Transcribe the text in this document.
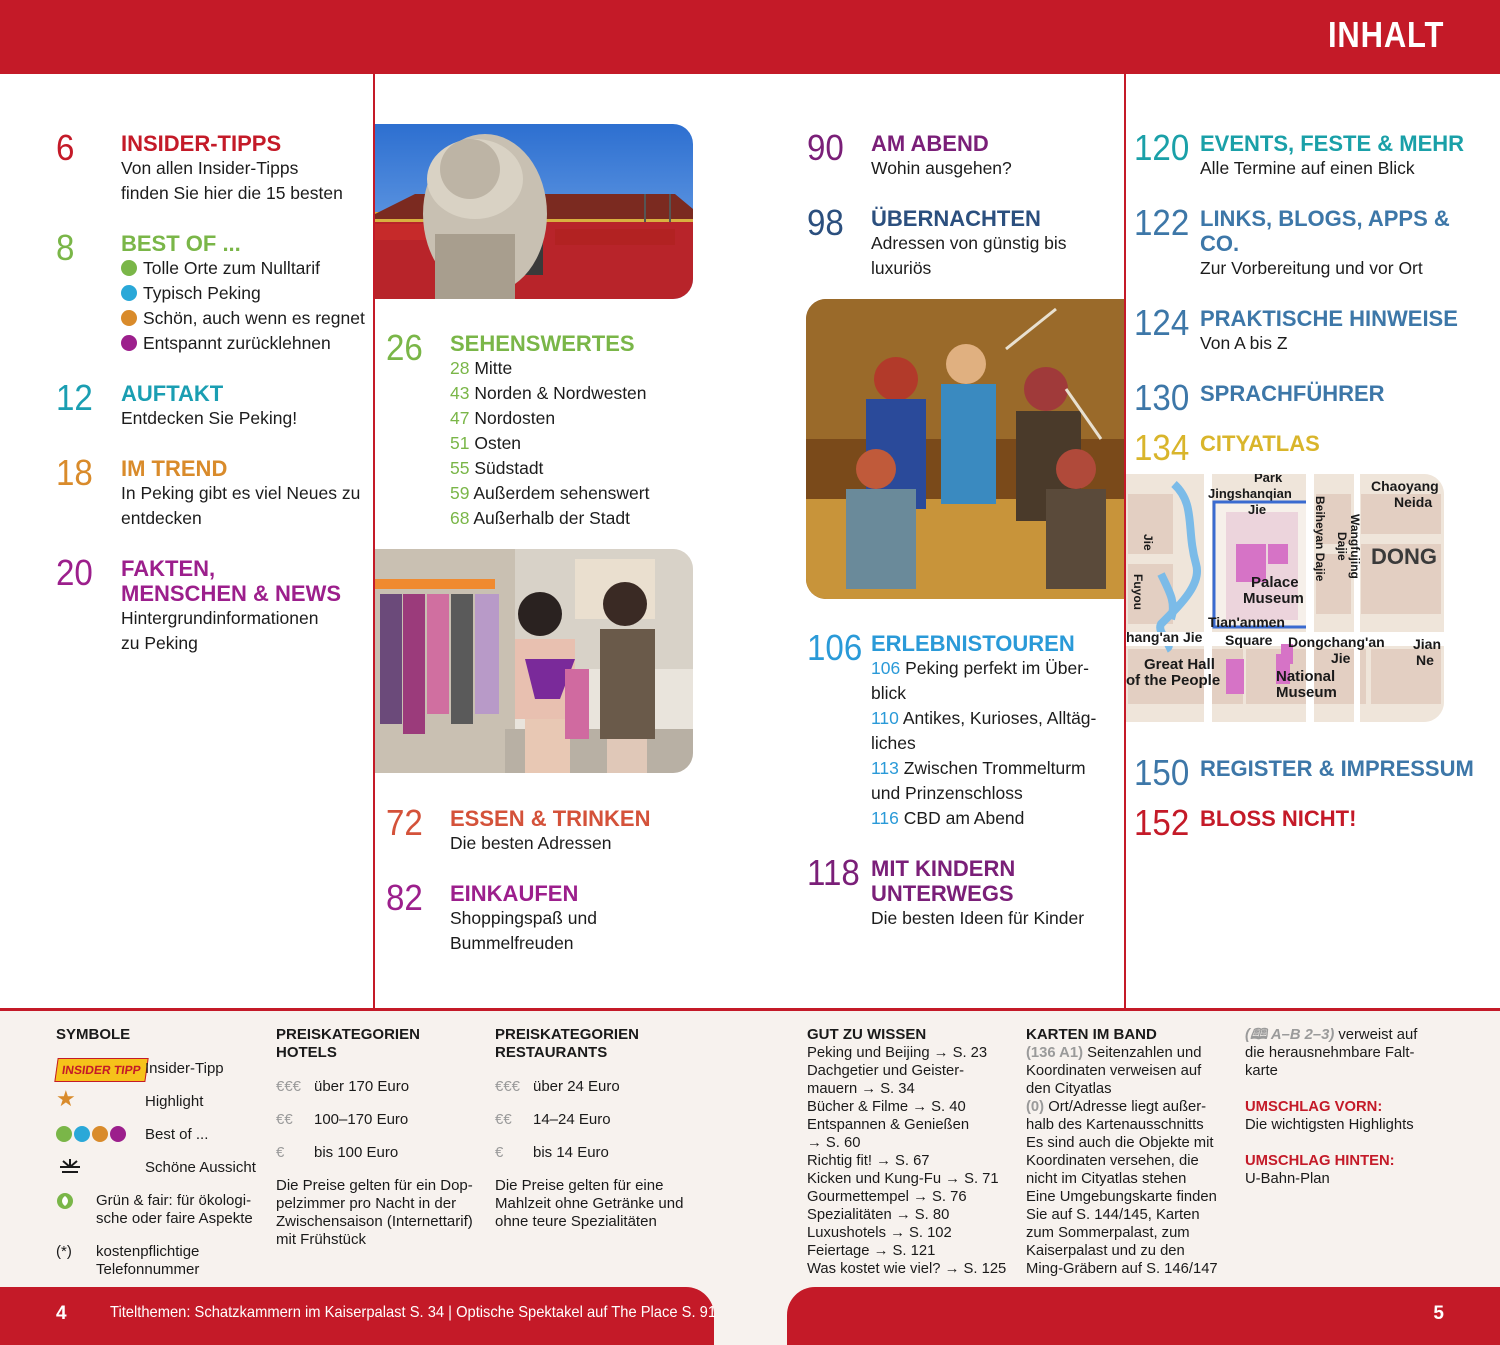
INHALT
6 INSIDER-TIPPS
Von allen Insider-Tipps
finden Sie hier die 15 besten
8 BEST OF ...
Tolle Orte zum Nulltarif
Typisch Peking
Schön, auch wenn es regnet
Entspannt zurücklehnen
12 AUFTAKT
Entdecken Sie Peking!
18 IM TREND
In Peking gibt es viel Neues zu
entdecken
20 FAKTEN,
MENSCHEN & NEWS
Hintergrundinformationen
zu Peking
26 SEHENSWERTES
28 Mitte
43 Norden & Nordwesten
47 Nordosten
51 Osten
55 Südstadt
59 Außerdem sehenswert
68 Außerhalb der Stadt
72 ESSEN & TRINKEN
Die besten Adressen
82 EINKAUFEN
Shoppingspaß und
Bummelfreuden
90 AM ABEND
Wohin ausgehen?
98 ÜBERNACHTEN
Adressen von günstig bis
luxuriös
106 ERLEBNISTOUREN
106 Peking perfekt im Über-
blick
110 Antikes, Kurioses, Alltäg-
liches
113 Zwischen Trommelturm
und Prinzenschloss
116 CBD am Abend
118 MIT KINDERN
UNTERWEGS
Die besten Ideen für Kinder
120 EVENTS, FESTE & MEHR
Alle Termine auf einen Blick
122 LINKS, BLOGS, APPS &
CO.
Zur Vorbereitung und vor Ort
124 PRAKTISCHE HINWEISE
Von A bis Z
130 SPRACHFÜHRER
134 CITYATLAS
Park
Jingshanqian
Jie
Chaoyang
Neida
DONG
Palace
Museum
Tian'anmen
hang'an Jie Square Dongchang'an
Jie
Jian
Ne
Great Hall
of the People	National
Museum
Jie
Fuyou
Beiheyan Dajie Wangfujing
Dajie
150 REGISTER & IMPRESSUM
152 BLOSS NICHT!
SYMBOLE
INSIDER TIPP Insider-Tipp
★	Highlight
Best of ...
Schöne Aussicht
Grün & fair: für ökologi-
sche oder faire Aspekte
(*) kostenpflichtige
Telefonnummer
PREISKATEGORIEN
HOTELS
€€€ über 170 Euro
€€ 100–170 Euro
€ bis 100 Euro
Die Preise gelten für ein Dop-
pelzimmer pro Nacht in der
Zwischensaison (Internettarif)
mit Frühstück
PREISKATEGORIEN
RESTAURANTS
€€€ über 24 Euro
€€ 14–24 Euro
€ bis 14 Euro
Die Preise gelten für eine
Mahlzeit ohne Getränke und
ohne teure Spezialitäten
GUT ZU WISSEN
Peking und Beijing → S. 23
Dachgetier und Geister-
mauern → S. 34
Bücher & Filme → S. 40
Entspannen & Genießen
→ S. 60
Richtig fit! → S. 67
Kicken und Kung-Fu → S. 71
Gourmettempel → S. 76
Spezialitäten → S. 80
Luxushotels → S. 102
Feiertage → S. 121
Was kostet wie viel? → S. 125
KARTEN IM BAND
(136 A1) Seitenzahlen und
Koordinaten verweisen auf
den Cityatlas
(0) Ort/Adresse liegt außer-
halb des Kartenausschnitts
Es sind auch die Objekte mit
Koordinaten versehen, die
nicht im Cityatlas stehen
Eine Umgebungskarte finden
Sie auf S. 144/145, Karten
zum Sommerpalast, zum
Kaiserpalast und zu den
Ming-Gräbern auf S. 146/147
(🕮 A–B 2–3) verweist auf
die herausnehmbare Falt-
karte
UMSCHLAG VORN:
Die wichtigsten Highlights
UMSCHLAG HINTEN:
U-Bahn-Plan
4	Titelthemen: Schatzkammern im Kaiserpalast S. 34 | Optische Spektakel auf The Place S. 91	5
